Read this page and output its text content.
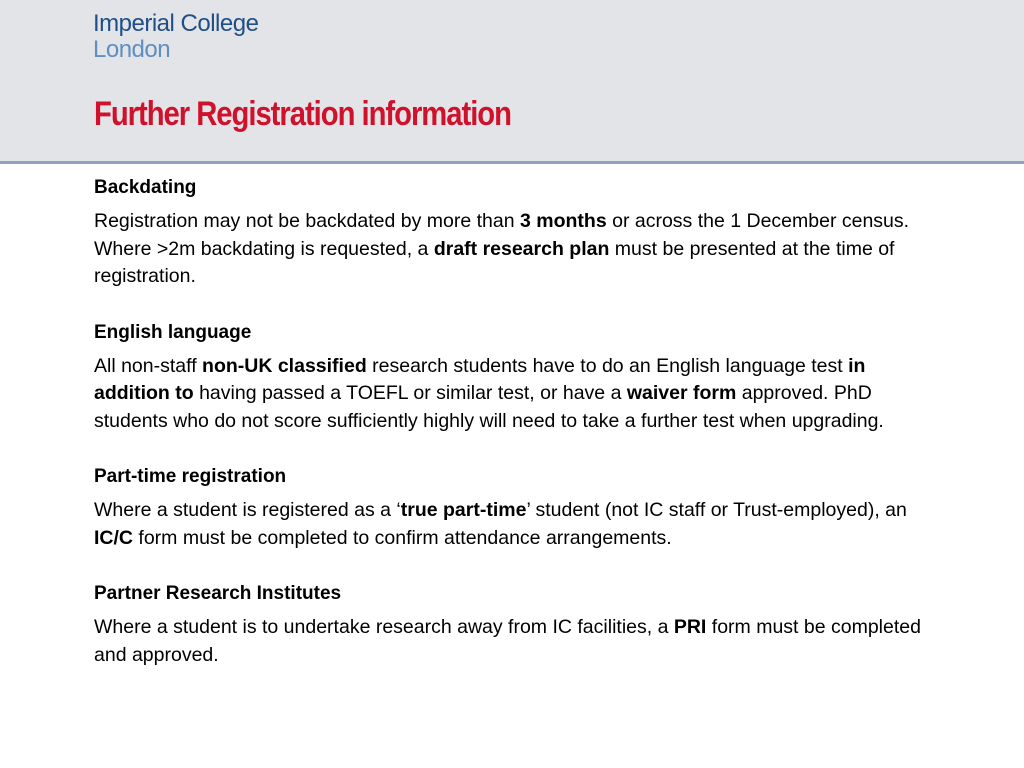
Imperial College
London
Further Registration information
Backdating

Registration may not be backdated by more than 3 months or across the 1 December census. Where >2m backdating is requested, a draft research plan must be presented at the time of registration.

English language

All non-staff non-UK classified research students have to do an English language test in addition to having passed a TOEFL or similar test, or have a waiver form approved. PhD students who do not score sufficiently highly will need to take a further test when upgrading.

Part-time registration

Where a student is registered as a ‘true part-time’ student (not IC staff or Trust-employed), an IC/C form must be completed to confirm attendance arrangements.

Partner Research Institutes

Where a student is to undertake research away from IC facilities, a PRI form must be completed and approved.
